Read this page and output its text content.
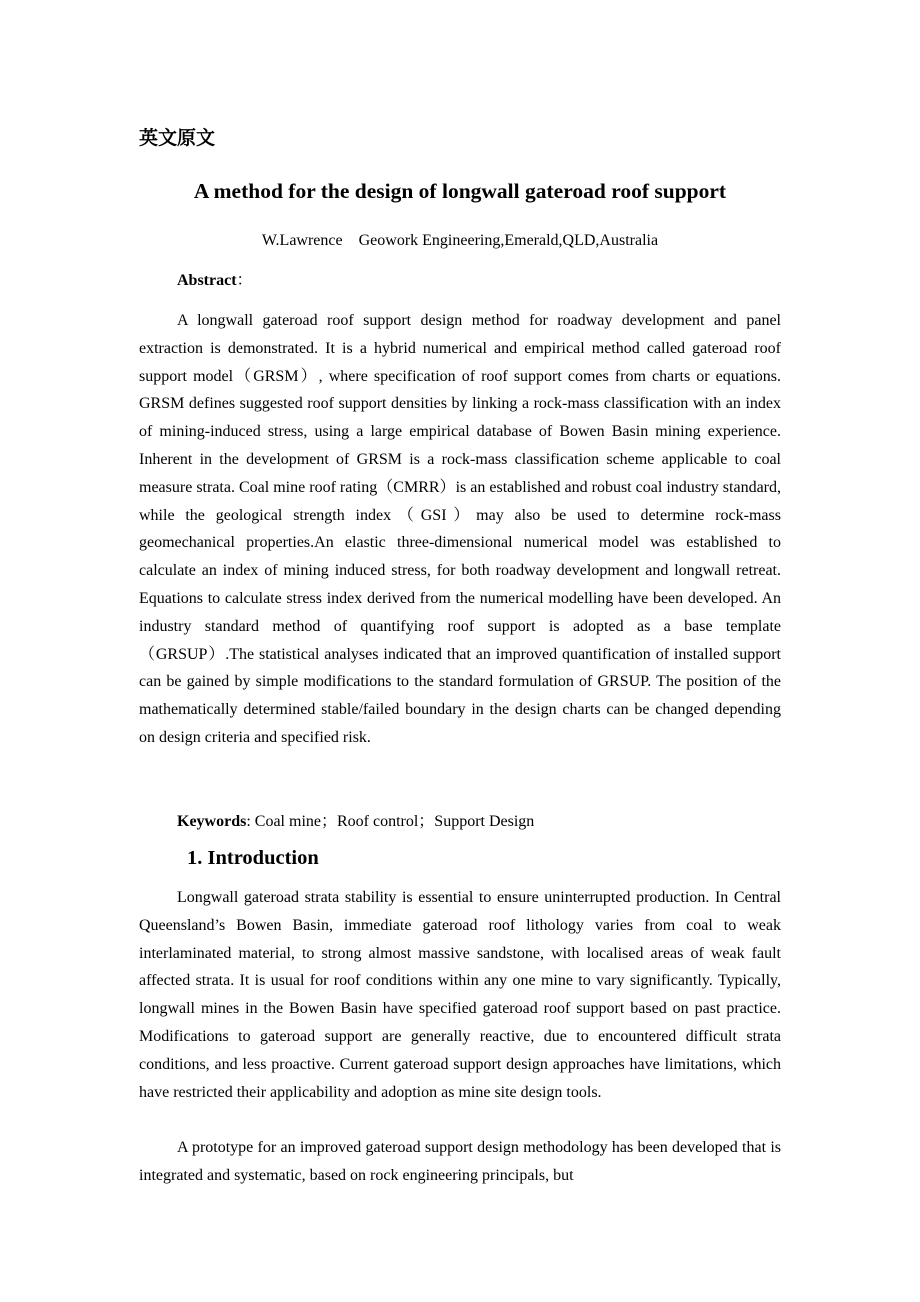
英文原文
A method for the design of longwall gateroad roof support
W.Lawrence Geowork Engineering,Emerald,QLD,Australia
Abstract：

A longwall gateroad roof support design method for roadway development and panel extraction is demonstrated. It is a hybrid numerical and empirical method called gateroad roof support model（GRSM）, where specification of roof support comes from charts or equations. GRSM defines suggested roof support densities by linking a rock-mass classification with an index of mining-induced stress, using a large empirical database of Bowen Basin mining experience. Inherent in the development of GRSM is a rock-mass classification scheme applicable to coal measure strata. Coal mine roof rating（CMRR）is an established and robust coal industry standard, while the geological strength index（GSI）may also be used to determine rock-mass geomechanical properties.An elastic three-dimensional numerical model was established to calculate an index of mining induced stress, for both roadway development and longwall retreat. Equations to calculate stress index derived from the numerical modelling have been developed. An industry standard method of quantifying roof support is adopted as a base template（GRSUP）.The statistical analyses indicated that an improved quantification of installed support can be gained by simple modifications to the standard formulation of GRSUP. The position of the mathematically determined stable/failed boundary in the design charts can be changed depending on design criteria and specified risk.

Keywords: Coal mine；Roof control；Support Design
1. Introduction

Longwall gateroad strata stability is essential to ensure uninterrupted production. In Central Queensland’s Bowen Basin, immediate gateroad roof lithology varies from coal to weak interlaminated material, to strong almost massive sandstone, with localised areas of weak fault affected strata. It is usual for roof conditions within any one mine to vary significantly. Typically, longwall mines in the Bowen Basin have specified gateroad roof support based on past practice. Modifications to gateroad support are generally reactive, due to encountered difficult strata conditions, and less proactive. Current gateroad support design approaches have limitations, which have restricted their applicability and adoption as mine site design tools.

A prototype for an improved gateroad support design methodology has been developed that is integrated and systematic, based on rock engineering principals, but
